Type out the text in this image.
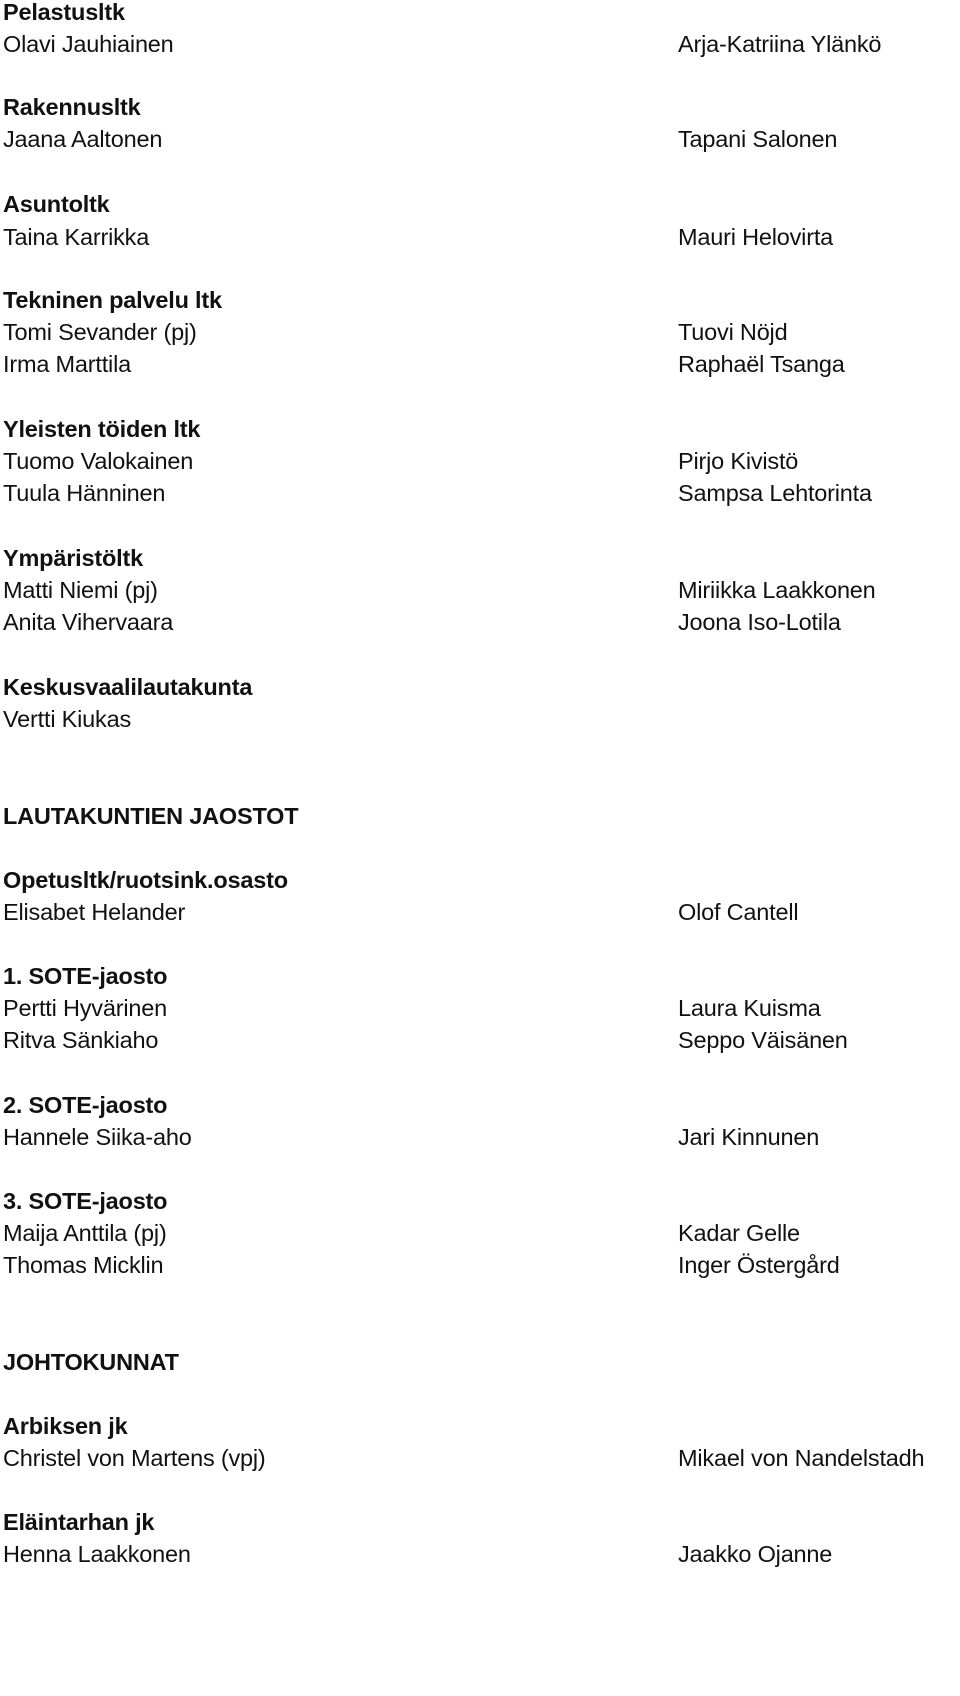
Pelastusltk
Olavi Jauhiainen	Arja-Katriina Ylänkö
Rakennusltk
Jaana Aaltonen	Tapani Salonen
Asuntoltk
Taina Karrikka	Mauri Helovirta
Tekninen palvelu ltk
Tomi Sevander (pj)	Tuovi Nöjd
Irma Marttila	Raphaël Tsanga
Yleisten töiden ltk
Tuomo Valokainen	Pirjo Kivistö
Tuula Hänninen	Sampsa Lehtorinta
Ympäristöltk
Matti Niemi (pj)	Miriikka Laakkonen
Anita Vihervaara	Joona Iso-Lotila
Keskusvaalilautakunta
Vertti Kiukas
LAUTAKUNTIEN JAOSTOT
Opetusltk/ruotsink.osasto
Elisabet Helander	Olof Cantell
1. SOTE-jaosto
Pertti Hyvärinen	Laura Kuisma
Ritva Sänkiaho	Seppo Väisänen
2. SOTE-jaosto
Hannele Siika-aho	Jari Kinnunen
3. SOTE-jaosto
Maija Anttila (pj)	Kadar Gelle
Thomas Micklin	Inger Östergård
JOHTOKUNNAT
Arbiksen jk
Christel von Martens (vpj)	Mikael von Nandelstadh
Eläintarhan jk
Henna Laakkonen	Jaakko Ojanne
